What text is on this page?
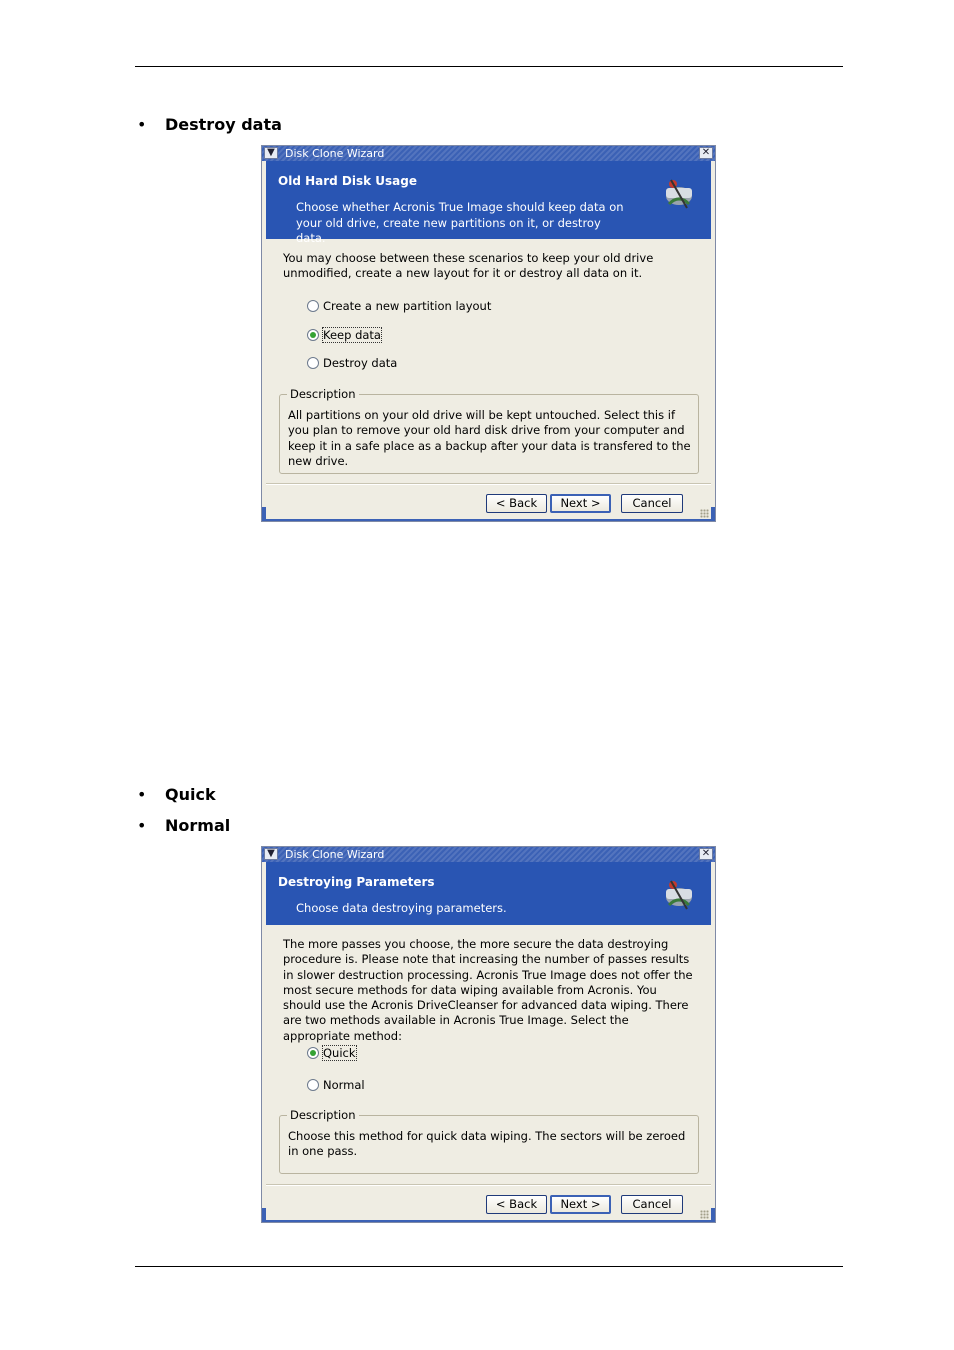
• Destroy data
▼ Disk Clone Wizard	✕
Old Hard Disk Usage
Choose whether Acronis True Image should keep data on your old drive, create new partitions on it, or destroy data.
You may choose between these scenarios to keep your old drive unmodified, create a new layout for it or destroy all data on it.
Create a new partition layout
Keep data
Destroy data
Description
All partitions on your old drive will be kept untouched. Select this if you plan to remove your old hard disk drive from your computer and keep it in a safe place as a backup after your data is transfered to the new drive.
< Back	Next >	Cancel
• Quick
• Normal
▼ Disk Clone Wizard	✕
Destroying Parameters
Choose data destroying parameters.
The more passes you choose, the more secure the data destroying procedure is. Please note that increasing the number of passes results in slower destruction processing. Acronis True Image does not offer the most secure methods for data wiping available from Acronis. You should use the Acronis DriveCleanser for advanced data wiping. There are two methods available in Acronis True Image. Select the appropriate method:
Quick
Normal
Description
Choose this method for quick data wiping. The sectors will be zeroed in one pass.
< Back	Next >	Cancel
